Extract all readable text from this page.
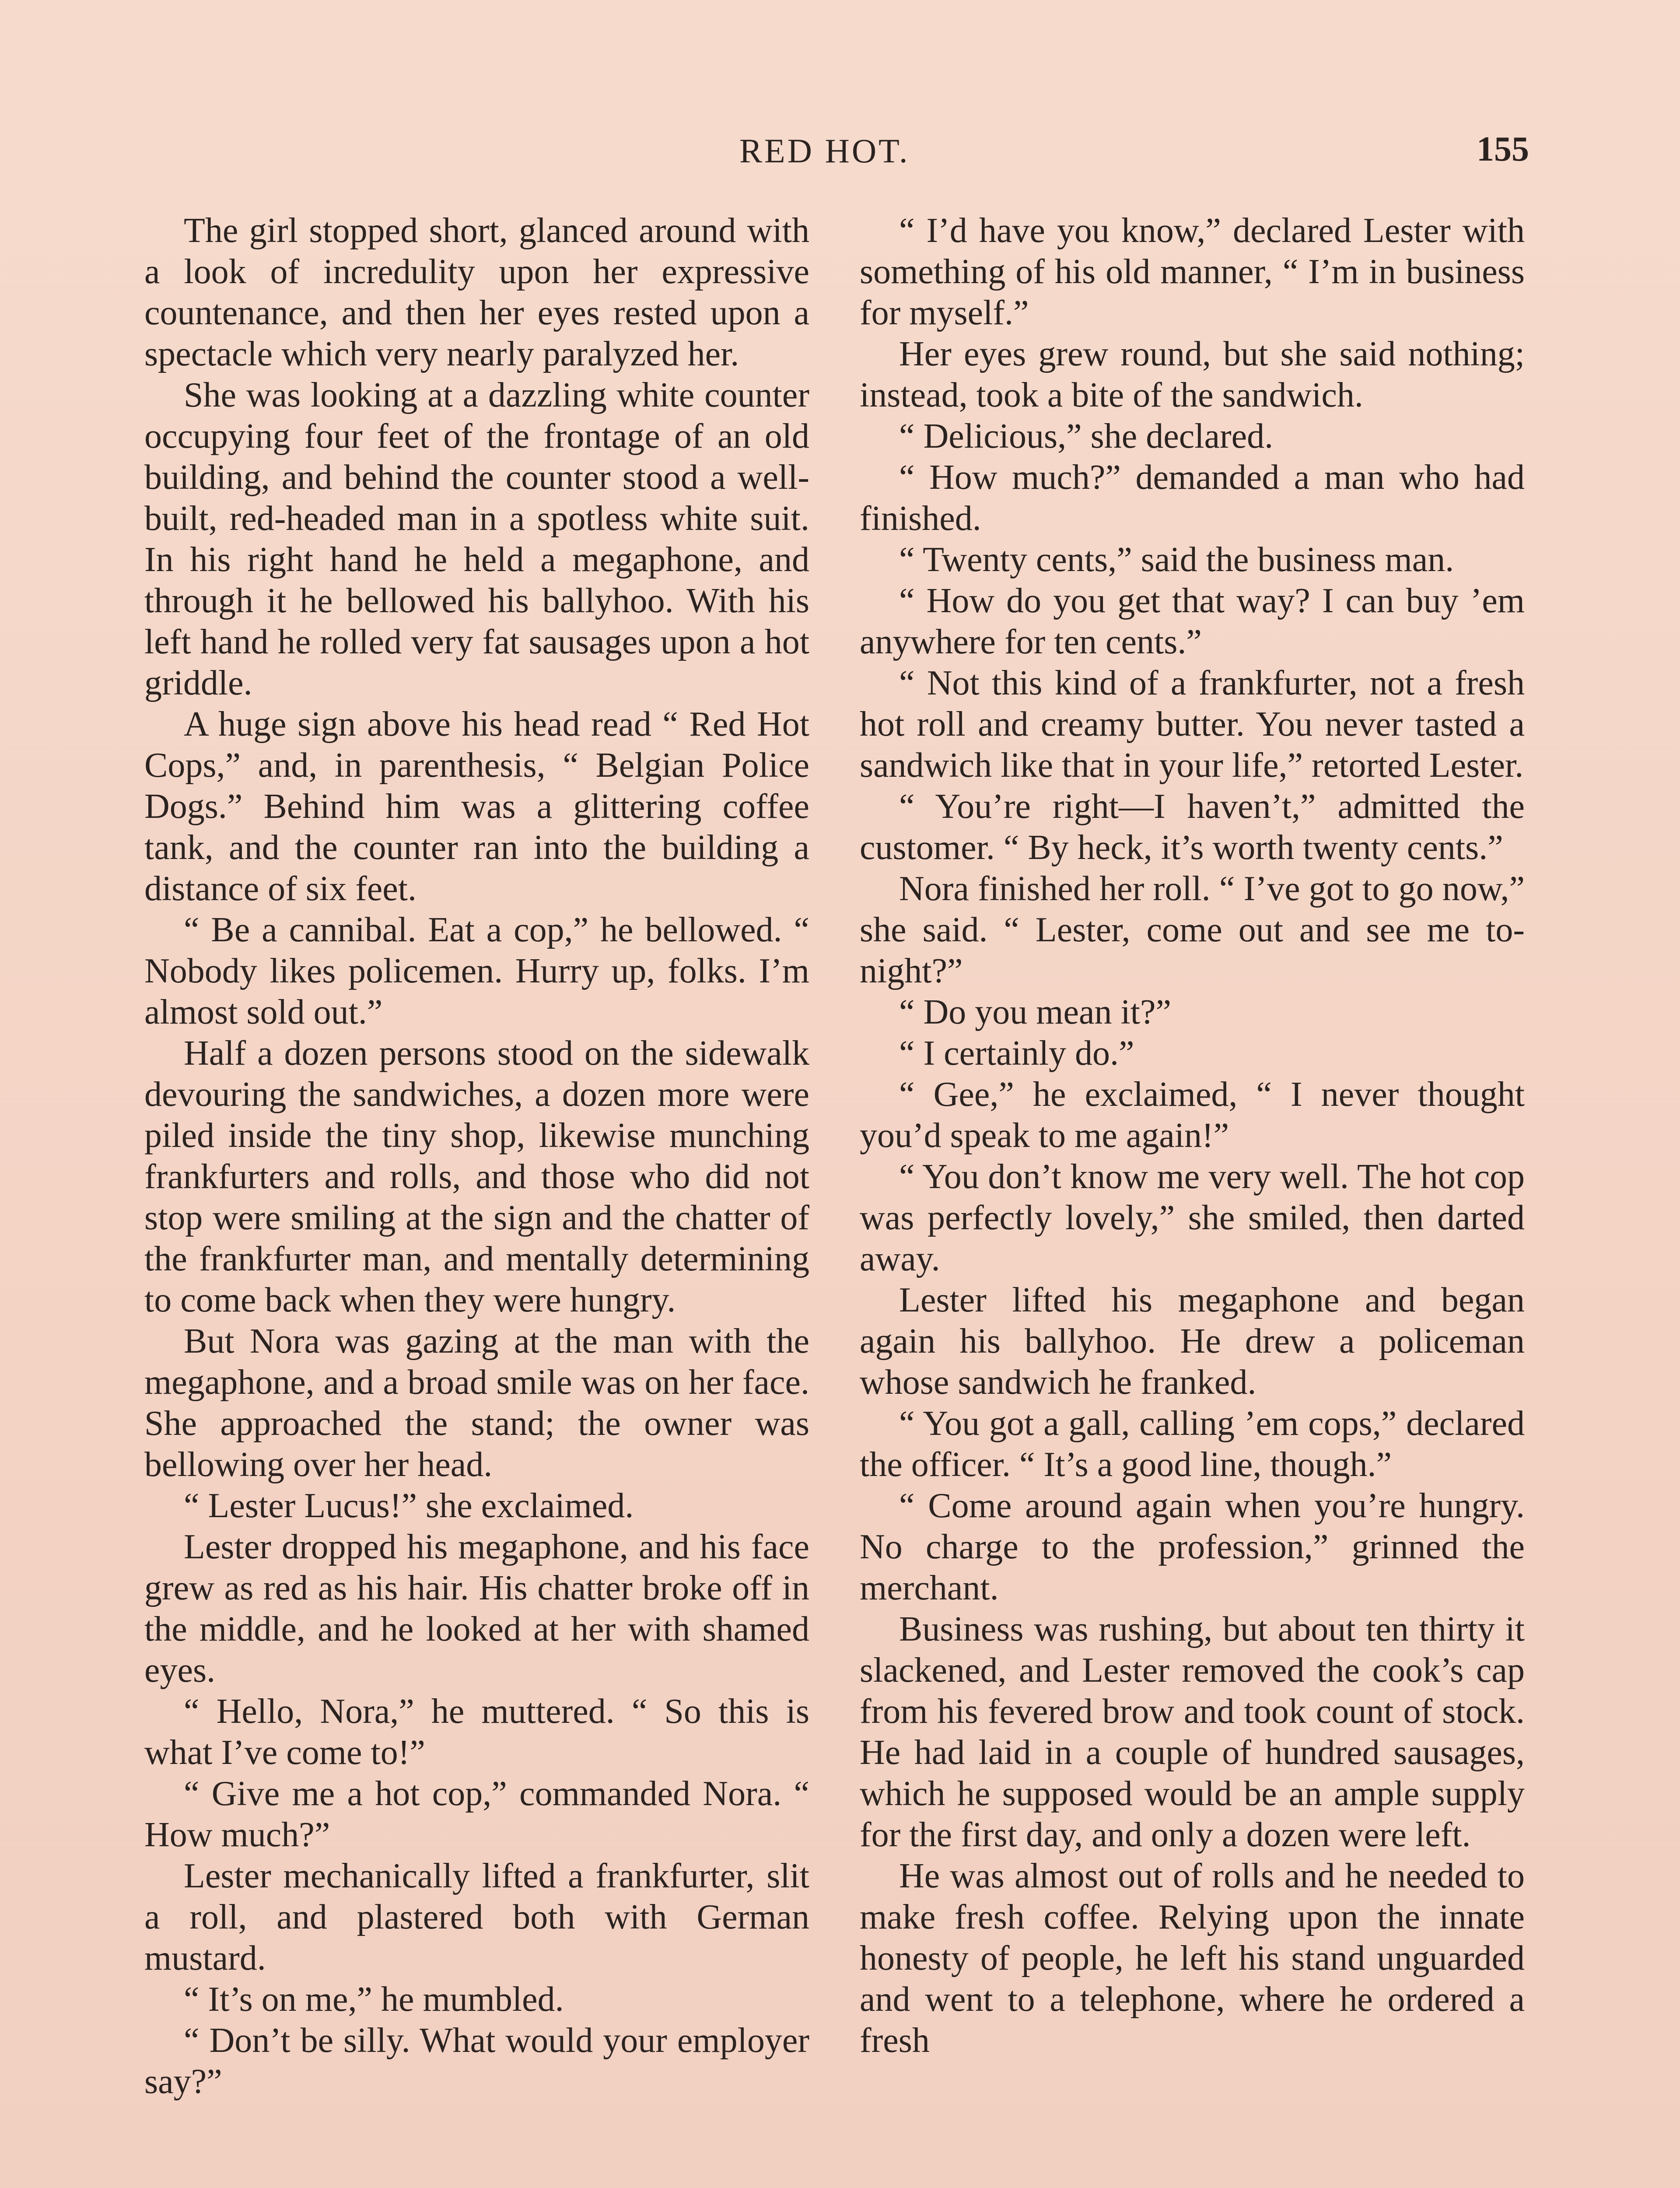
RED HOT.	155

The girl stopped short, glanced around with a look of incredulity upon her expressive countenance, and then her eyes rested upon a spectacle which very nearly paralyzed her.

She was looking at a dazzling white counter occupying four feet of the frontage of an old building, and behind the counter stood a well-built, red-headed man in a spotless white suit. In his right hand he held a megaphone, and through it he bellowed his ballyhoo. With his left hand he rolled very fat sausages upon a hot griddle.

A huge sign above his head read “ Red Hot Cops,” and, in parenthesis, “ Belgian Police Dogs.” Behind him was a glittering coffee tank, and the counter ran into the building a distance of six feet.

“ Be a cannibal. Eat a cop,” he bellowed. “ Nobody likes policemen. Hurry up, folks. I’m almost sold out.”

Half a dozen persons stood on the sidewalk devouring the sandwiches, a dozen more were piled inside the tiny shop, likewise munching frankfurters and rolls, and those who did not stop were smiling at the sign and the chatter of the frankfurter man, and mentally determining to come back when they were hungry.

But Nora was gazing at the man with the megaphone, and a broad smile was on her face. She approached the stand; the owner was bellowing over her head.

“ Lester Lucus!” she exclaimed.

Lester dropped his megaphone, and his face grew as red as his hair. His chatter broke off in the middle, and he looked at her with shamed eyes.

“ Hello, Nora,” he muttered. “ So this is what I’ve come to!”

“ Give me a hot cop,” commanded Nora. “ How much?”

Lester mechanically lifted a frankfurter, slit a roll, and plastered both with German mustard.

“ It’s on me,” he mumbled.

“ Don’t be silly. What would your employer say?”

“ I’d have you know,” declared Lester with something of his old manner, “ I’m in business for myself.”

Her eyes grew round, but she said nothing; instead, took a bite of the sandwich.

“ Delicious,” she declared.

“ How much?” demanded a man who had finished.

“ Twenty cents,” said the business man.

“ How do you get that way? I can buy ’em anywhere for ten cents.”

“ Not this kind of a frankfurter, not a fresh hot roll and creamy butter. You never tasted a sandwich like that in your life,” retorted Lester.

“ You’re right—I haven’t,” admitted the customer. “ By heck, it’s worth twenty cents.”

Nora finished her roll. “ I’ve got to go now,” she said. “ Lester, come out and see me to-night?”

“ Do you mean it?”

“ I certainly do.”

“ Gee,” he exclaimed, “ I never thought you’d speak to me again!”

“ You don’t know me very well. The hot cop was perfectly lovely,” she smiled, then darted away.

Lester lifted his megaphone and began again his ballyhoo. He drew a policeman whose sandwich he franked.

“ You got a gall, calling ’em cops,” declared the officer. “ It’s a good line, though.”

“ Come around again when you’re hungry. No charge to the profession,” grinned the merchant.

Business was rushing, but about ten thirty it slackened, and Lester removed the cook’s cap from his fevered brow and took count of stock. He had laid in a couple of hundred sausages, which he supposed would be an ample supply for the first day, and only a dozen were left.

He was almost out of rolls and he needed to make fresh coffee. Relying upon the innate honesty of people, he left his stand unguarded and went to a telephone, where he ordered a fresh
